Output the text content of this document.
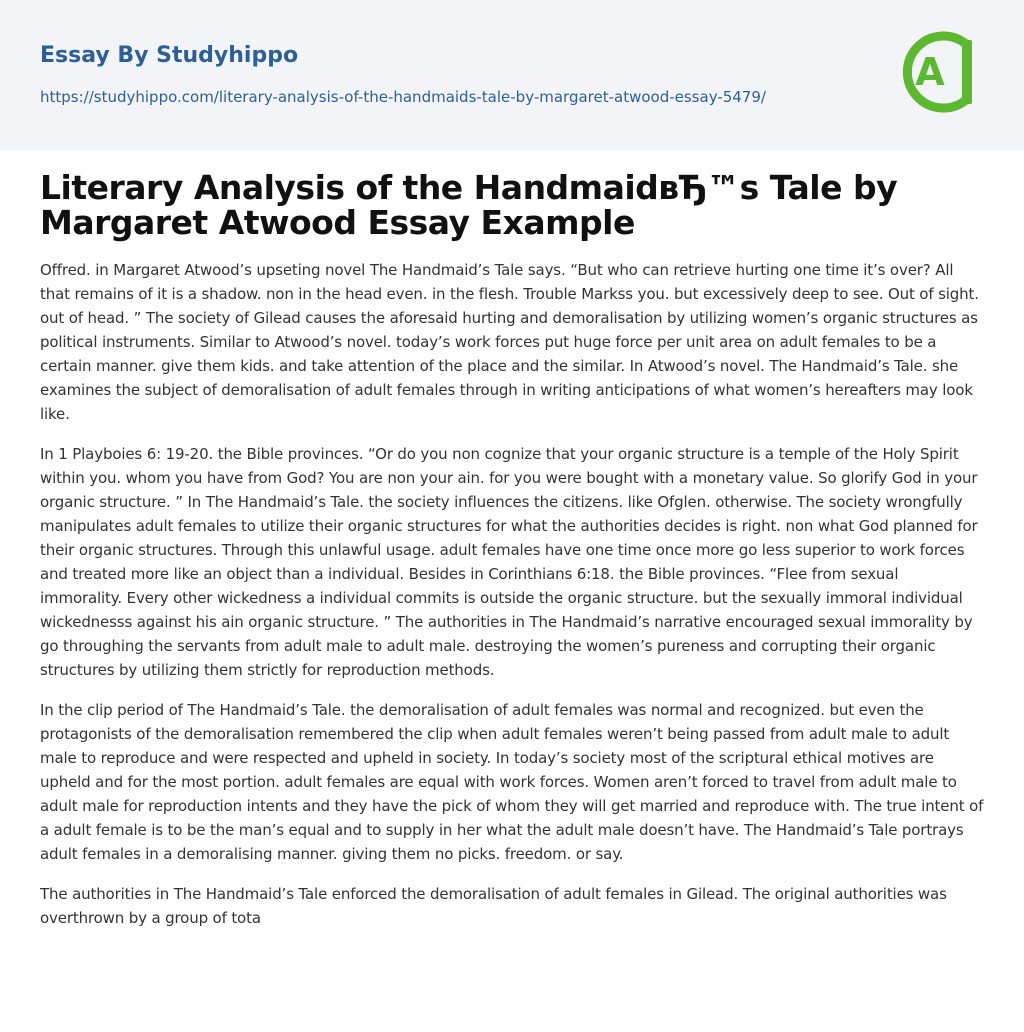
Essay By Studyhippo
https://studyhippo.com/literary-analysis-of-the-handmaids-tale-by-margaret-atwood-essay-5479/
A
Literary Analysis of the HandmaidвЂ™s Tale by Margaret Atwood Essay Example

Offred. in Margaret Atwood’s upseting novel The Handmaid’s Tale says. “But who can retrieve hurting one time it’s over? All that remains of it is a shadow. non in the head even. in the flesh. Trouble Markss you. but excessively deep to see. Out of sight. out of head. ” The society of Gilead causes the aforesaid hurting and demoralisation by utilizing women’s organic structures as political instruments. Similar to Atwood’s novel. today’s work forces put huge force per unit area on adult females to be a certain manner. give them kids. and take attention of the place and the similar. In Atwood’s novel. The Handmaid’s Tale. she examines the subject of demoralisation of adult females through in writing anticipations of what women’s hereafters may look like.

In 1 Playboies 6: 19-20. the Bible provinces. “Or do you non cognize that your organic structure is a temple of the Holy Spirit within you. whom you have from God? You are non your ain. for you were bought with a monetary value. So glorify God in your organic structure. ” In The Handmaid’s Tale. the society influences the citizens. like Ofglen. otherwise. The society wrongfully manipulates adult females to utilize their organic structures for what the authorities decides is right. non what God planned for their organic structures. Through this unlawful usage. adult females have one time once more go less superior to work forces and treated more like an object than a individual. Besides in Corinthians 6:18. the Bible provinces. “Flee from sexual immorality. Every other wickedness a individual commits is outside the organic structure. but the sexually immoral individual wickednesss against his ain organic structure. ” The authorities in The Handmaid’s narrative encouraged sexual immorality by go throughing the servants from adult male to adult male. destroying the women’s pureness and corrupting their organic structures by utilizing them strictly for reproduction methods.

In the clip period of The Handmaid’s Tale. the demoralisation of adult females was normal and recognized. but even the protagonists of the demoralisation remembered the clip when adult females weren’t being passed from adult male to adult male to reproduce and were respected and upheld in society. In today’s society most of the scriptural ethical motives are upheld and for the most portion. adult females are equal with work forces. Women aren’t forced to travel from adult male to adult male for reproduction intents and they have the pick of whom they will get married and reproduce with. The true intent of a adult female is to be the man’s equal and to supply in her what the adult male doesn’t have. The Handmaid’s Tale portrays adult females in a demoralising manner. giving them no picks. freedom. or say.

The authorities in The Handmaid’s Tale enforced the demoralisation of adult females in Gilead. The original authorities was overthrown by a group of tota
